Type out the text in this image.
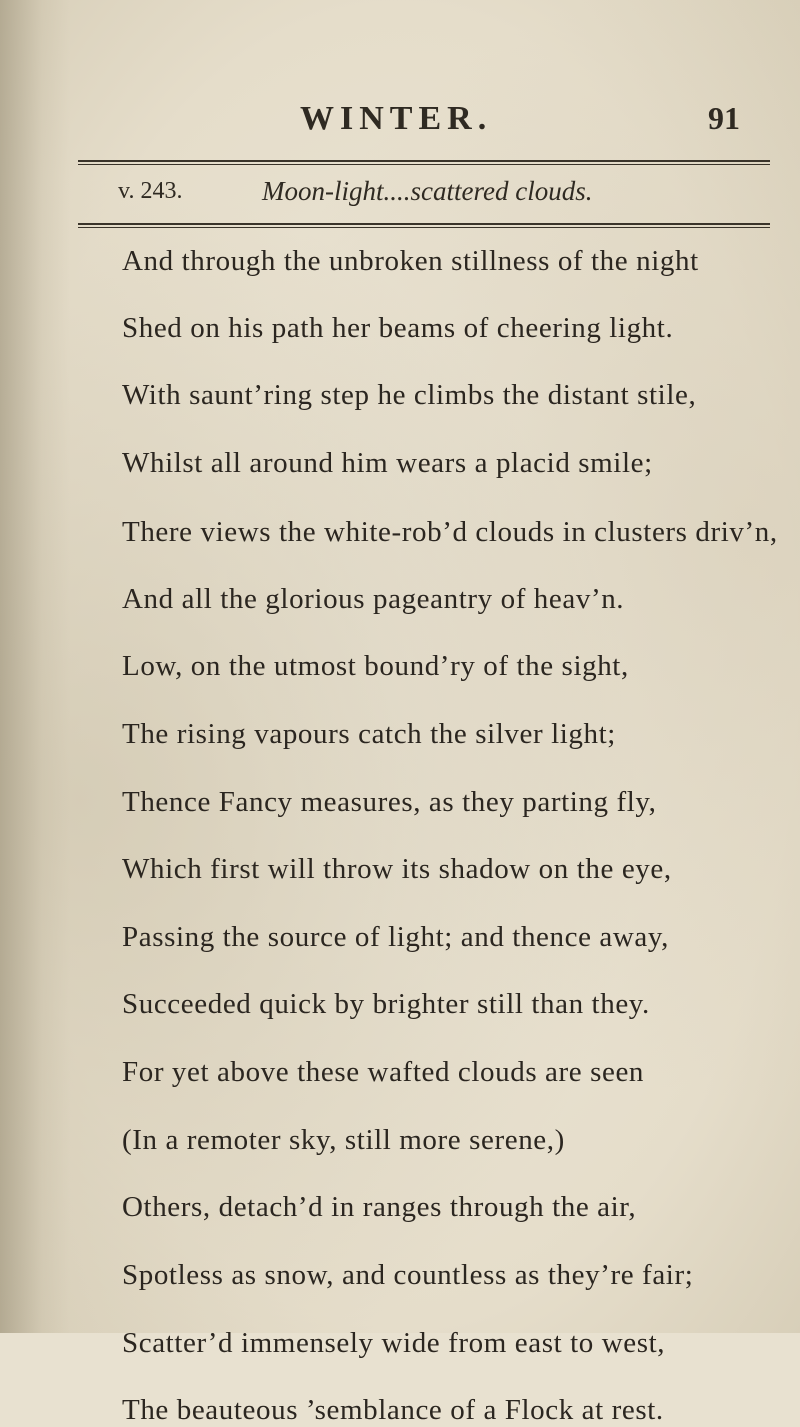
WINTER.	91
v. 243.	Moon-light....scattered clouds.
And through the unbroken stillness of the night
Shed on his path her beams of cheering light.
With saunt’ring step he climbs the distant stile,
Whilst all around him wears a placid smile;
There views the white-rob’d clouds in clusters driv’n,
And all the glorious pageantry of heav’n.
Low, on the utmost bound’ry of the sight,
The rising vapours catch the silver light;
Thence Fancy measures, as they parting fly,
Which first will throw its shadow on the eye,
Passing the source of light; and thence away,
Succeeded quick by brighter still than they.
For yet above these wafted clouds are seen
(In a remoter sky, still more serene,)
Others, detach’d in ranges through the air,
Spotless as snow, and countless as they’re fair;
Scatter’d immensely wide from east to west,
The beauteous ’semblance of a Flock at rest.
